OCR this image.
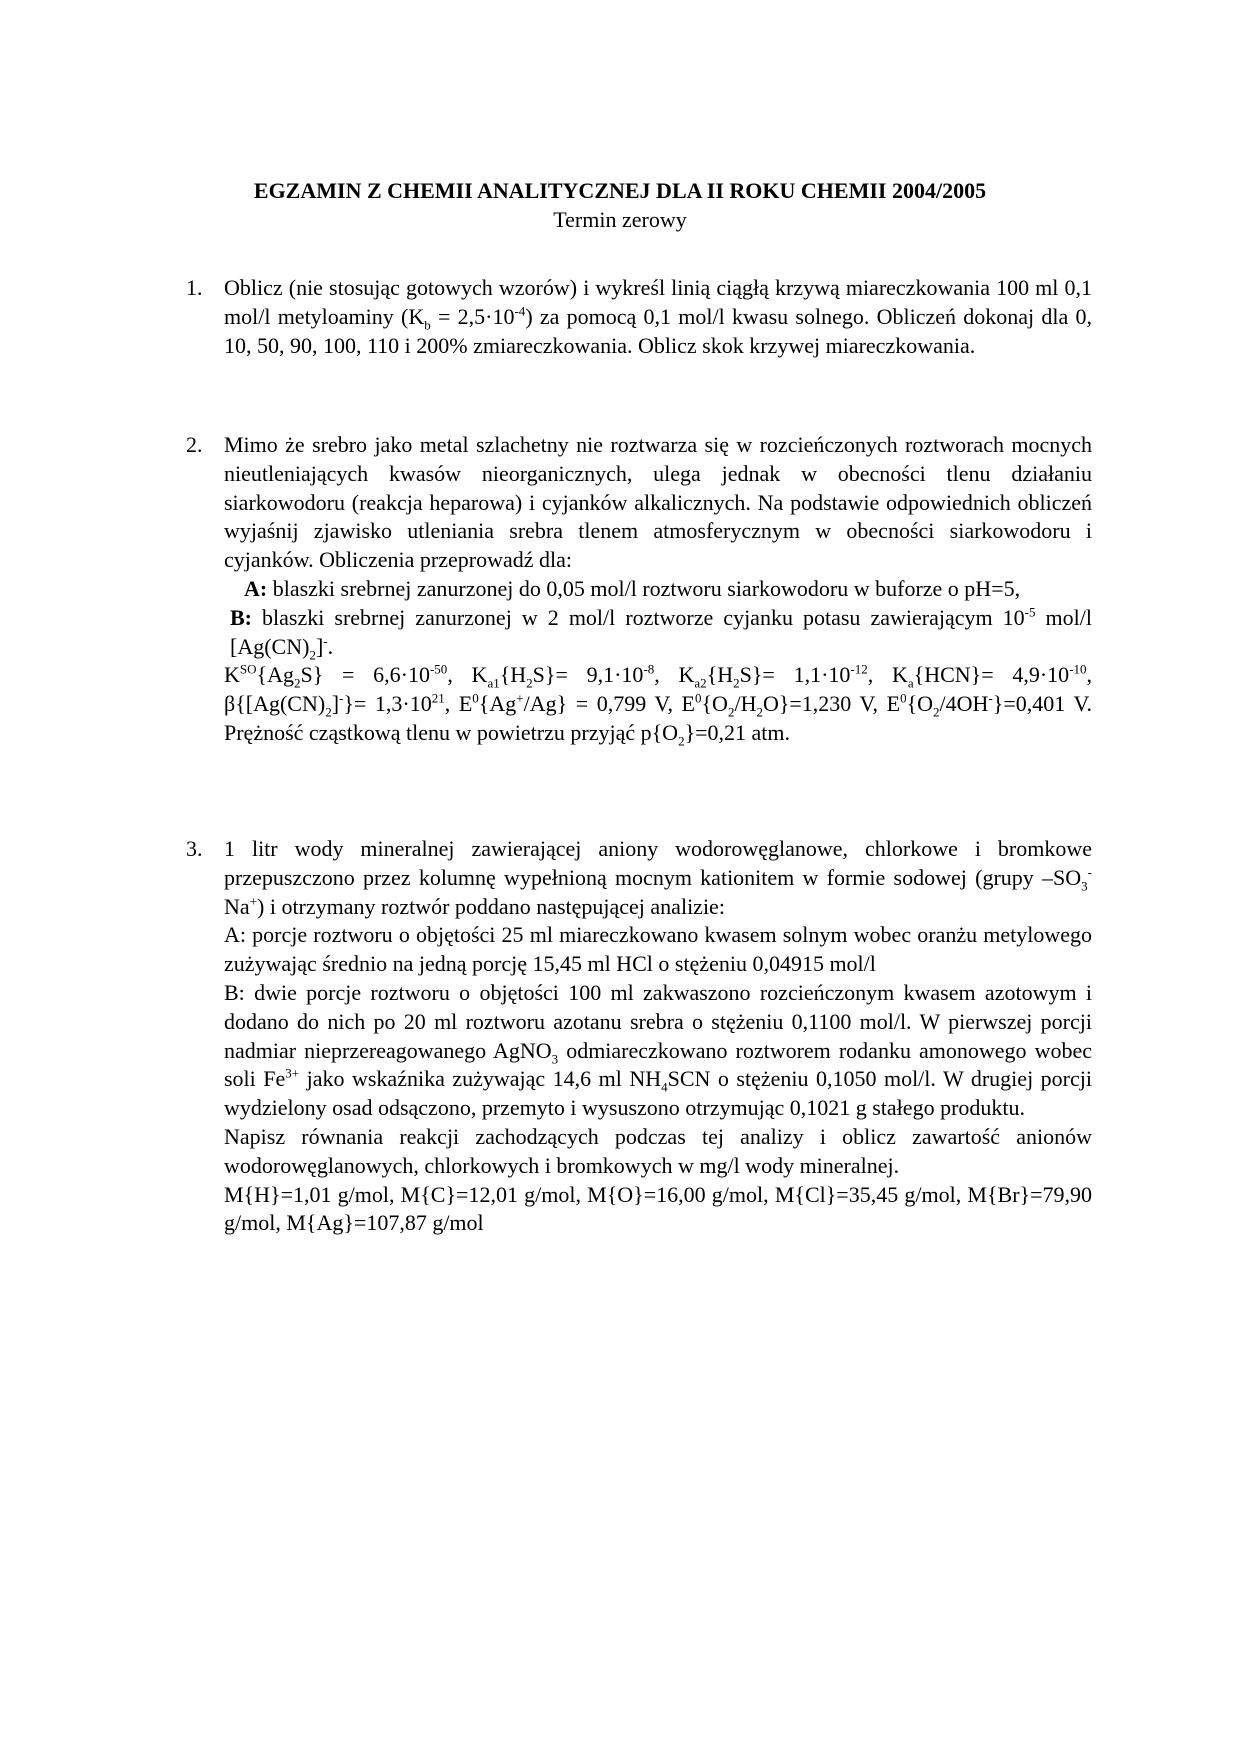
EGZAMIN Z CHEMII ANALITYCZNEJ DLA II ROKU CHEMII 2004/2005
Termin zerowy
1. Oblicz (nie stosując gotowych wzorów) i wykreśl linią ciągłą krzywą miareczkowania 100 ml 0,1 mol/l metyloaminy $(K_b = 2,5\cdot 10^{-4})$ za pomocą 0,1 mol/l kwasu solnego. Obliczeń dokonaj dla 0, 10, 50, 90, 100, 110 i 200% zmiareczkowania. Oblicz skok krzywej miareczkowania.

2. Mimo że srebro jako metal szlachetny nie roztwarza się w rozcieńczonych roztworach mocnych nieutleniających kwasów nieorganicznych, ulega jednak w obecności tlenu działaniu siarkowodoru (reakcja heparowa) i cyjanków alkalicznych. Na podstawie odpowiednich obliczeń wyjaśnij zjawisko utleniania srebra tlenem atmosferycznym w obecności siarkowodoru i cyjanków. Obliczenia przeprowadź dla:

A: blaszki srebrnej zanurzonej do 0,05 mol/l roztworu siarkowodoru w buforze o pH=5,

B: blaszki srebrnej zanurzonej w 2 mol/l roztworze cyjanku potasu zawierającym $10^{-5}$ mol/l $[Ag(CN)_2]^-$.

$K^{SO}\{Ag_2S\} = 6,6\cdot 10^{-50}$, $K_{a1}\{H_2S\}= 9,1\cdot 10^{-8}$, $K_{a2}\{H_2S\}= 1,1\cdot 10^{-12}$, $K_a\{HCN\}= 4,9\cdot 10^{-10}$, $\beta\{[Ag(CN)_2]^-\}= 1,3\cdot 10^{21}$, $E^0\{Ag^+/Ag\} = 0,799$ V, $E^0\{O_2/H_2O\}=1,230$ V, $E^0\{O_2/4OH^-\}=0,401$ V. Prężność cząstkową tlenu w powietrzu przyjąć $p\{O_2\}=0,21$ atm.

3. 1 litr wody mineralnej zawierającej aniony wodorowęglanowe, chlorkowe i bromkowe przepuszczono przez kolumnę wypełnioną mocnym kationitem w formie sodowej (grupy $-SO_3^-Na^+$) i otrzymany roztwór poddano następującej analizie:

A: porcje roztworu o objętości 25 ml miareczkowano kwasem solnym wobec oranżu metylowego zużywając średnio na jedną porcję 15,45 ml HCl o stężeniu 0,04915 mol/l

B: dwie porcje roztworu o objętości 100 ml zakwaszono rozcieńczonym kwasem azotowym i dodano do nich po 20 ml roztworu azotanu srebra o stężeniu 0,1100 mol/l. W pierwszej porcji nadmiar nieprzereagowanego AgNO$_3$ odmiareczkowano roztworem rodanku amonowego wobec soli $Fe^{3+}$ jako wskaźnika zużywając 14,6 ml $NH_4SCN$ o stężeniu 0,1050 mol/l. W drugiej porcji wydzielony osad odsączono, przemyto i wysuszono otrzymując 0,1021 g stałego produktu.

Napisz równania reakcji zachodzących podczas tej analizy i oblicz zawartość anionów wodorowęglanowych, chlorkowych i bromkowych w mg/l wody mineralnej.

M{H}=1,01 g/mol, M{C}=12,01 g/mol, M{O}=16,00 g/mol, M{Cl}=35,45 g/mol, M{Br}=79,90 g/mol, M{Ag}=107,87 g/mol
